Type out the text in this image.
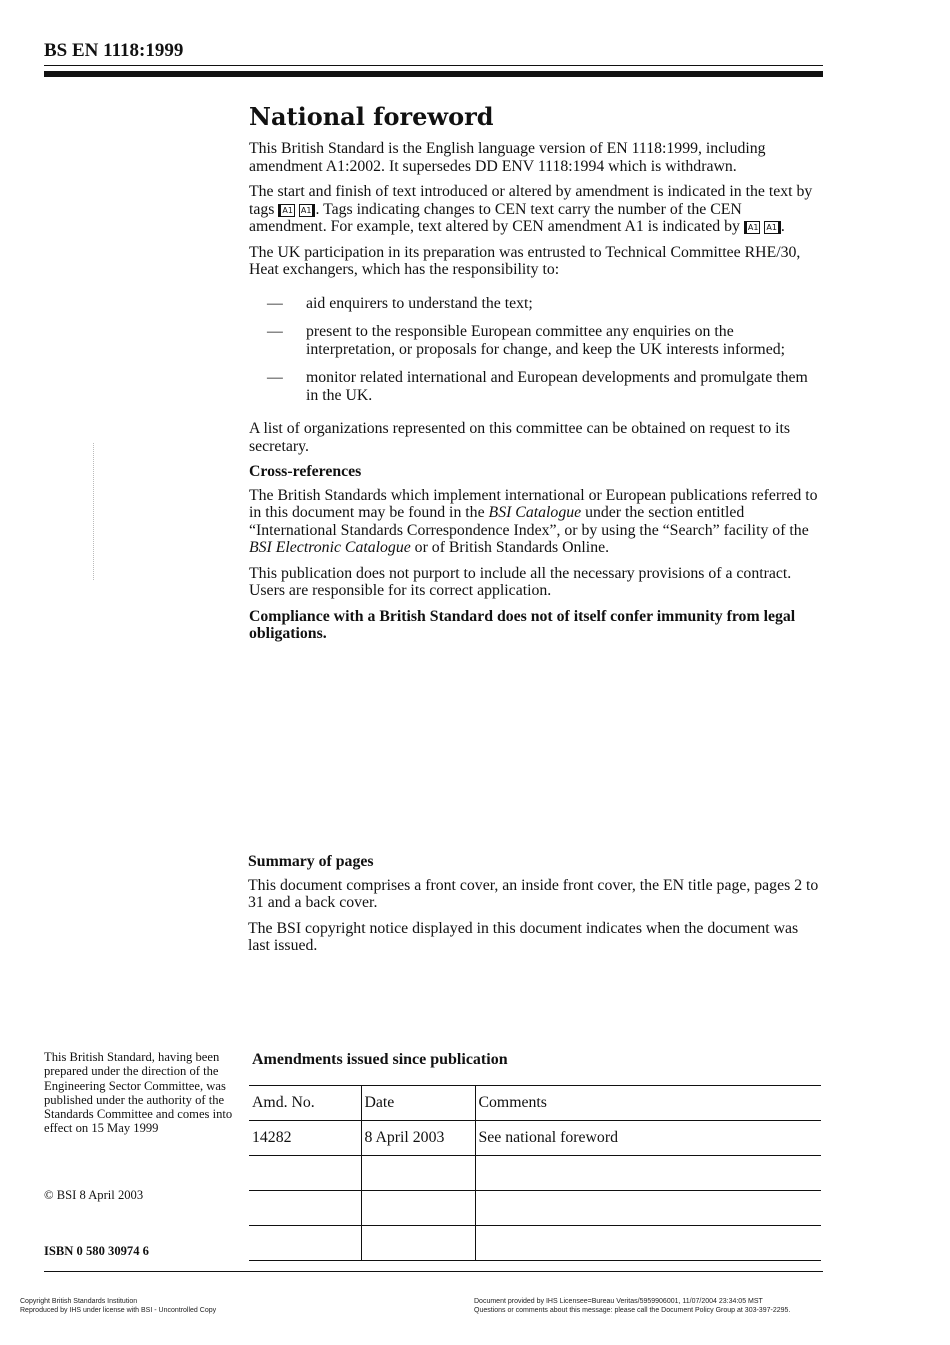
BS EN 1118:1999
National foreword

This British Standard is the English language version of EN 1118:1999, including amendment A1:2002. It supersedes DD ENV 1118:1994 which is withdrawn.

The start and finish of text introduced or altered by amendment is indicated in the text by tags A1 A1 . Tags indicating changes to CEN text carry the number of the CEN amendment. For example, text altered by CEN amendment A1 is indicated by A1 A1 .

The UK participation in its preparation was entrusted to Technical Committee RHE/30, Heat exchangers, which has the responsibility to:

—	aid enquirers to understand the text;
—	present to the responsible European committee any enquiries on the interpretation, or proposals for change, and keep the UK interests informed;
—	monitor related international and European developments and promulgate them in the UK.

A list of organizations represented on this committee can be obtained on request to its secretary.

Cross-references

The British Standards which implement international or European publications referred to in this document may be found in the BSI Catalogue under the section entitled “International Standards Correspondence Index”, or by using the “Search” facility of the BSI Electronic Catalogue or of British Standards Online.

This publication does not purport to include all the necessary provisions of a contract. Users are responsible for its correct application.

Compliance with a British Standard does not of itself confer immunity from legal obligations.

Summary of pages

This document comprises a front cover, an inside front cover, the EN title page, pages 2 to 31 and a back cover.

The BSI copyright notice displayed in this document indicates when the document was last issued.

This British Standard, having been prepared under the direction of the Engineering Sector Committee, was published under the authority of the Standards Committee and comes into effect on 15 May 1999
© BSI 8 April 2003
ISBN 0 580 30974 6
Amendments issued since publication
Amd. No.	Date	Comments
14282	8 April 2003	See national foreword

Copyright British Standards Institution
Reproduced by IHS under license with BSI - Uncontrolled Copy
Document provided by IHS Licensee=Bureau Veritas/5959906001, 11/07/2004 23:34:05 MST Questions or comments about this message: please call the Document Policy Group at 303-397-2295.
